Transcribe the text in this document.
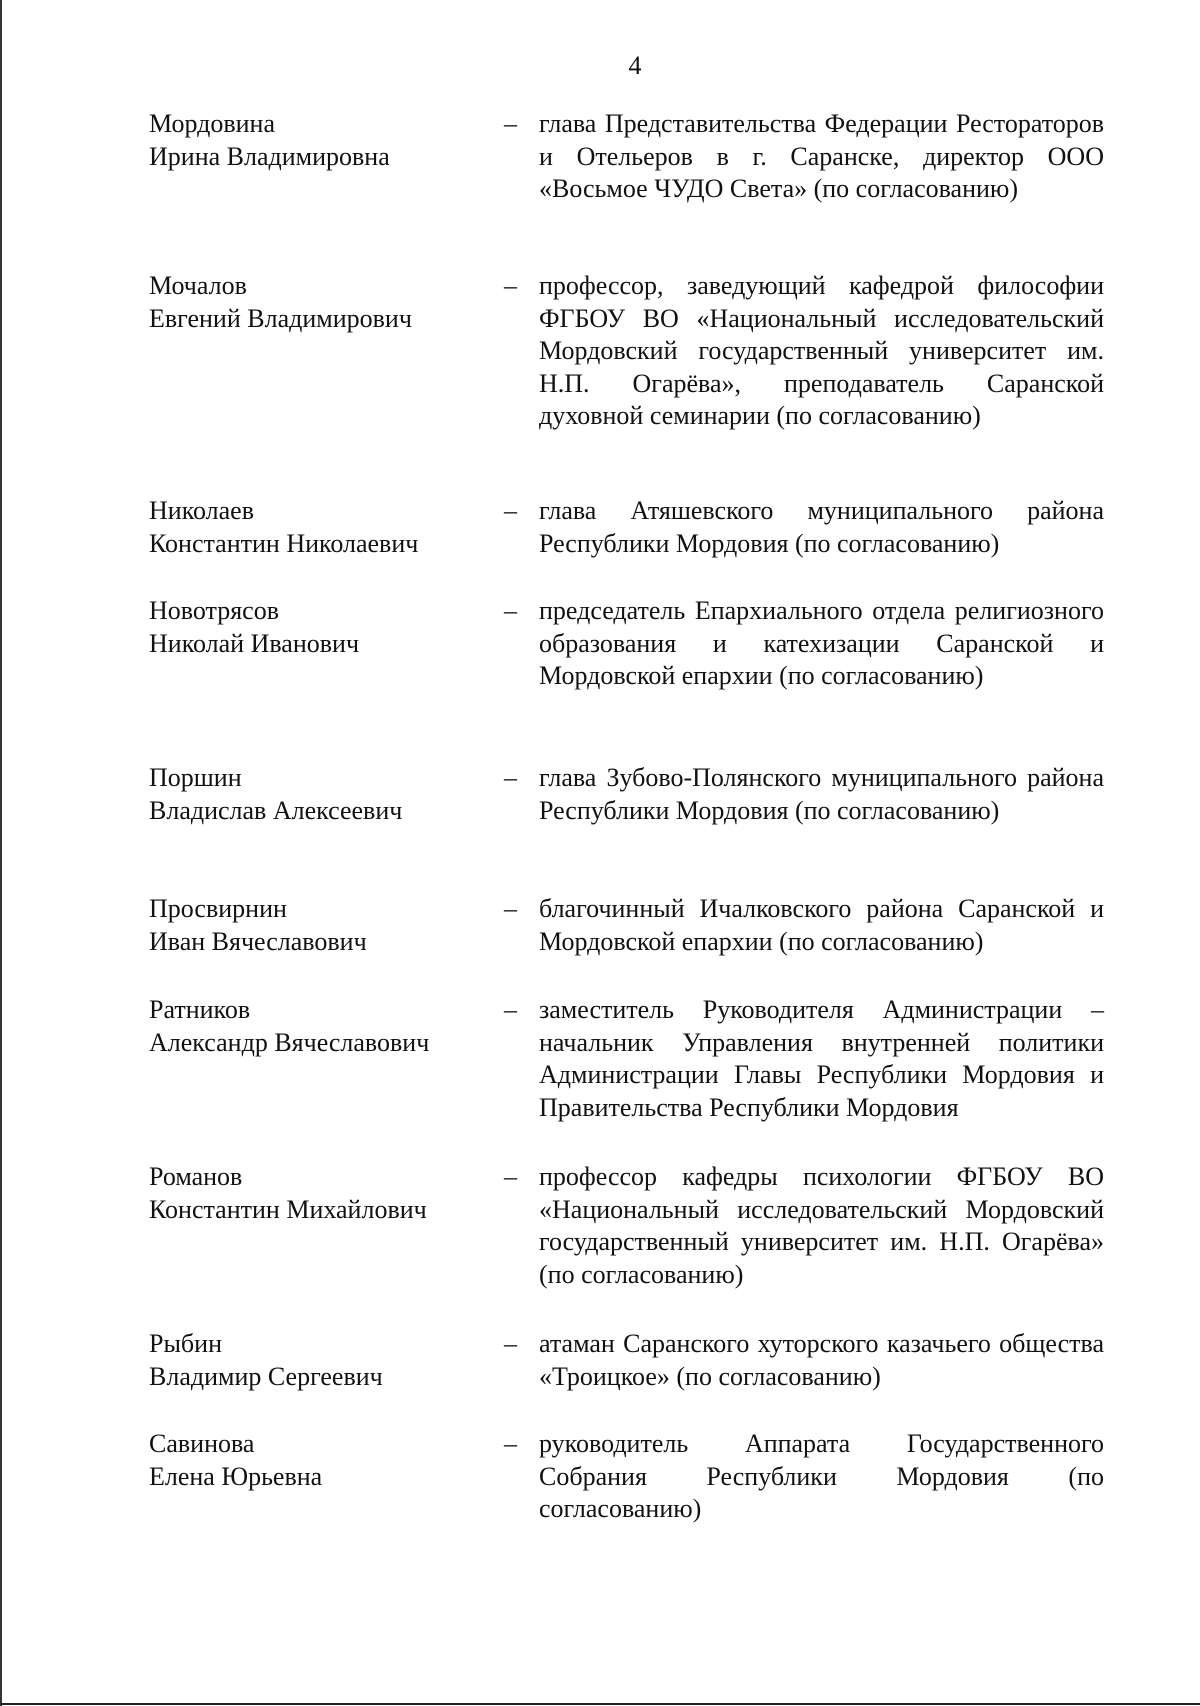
4
Мордовина
Ирина Владимировна
– глава Представительства Федерации Рестораторов и Отельеров в г. Саранске, директор ООО «Восьмое ЧУДО Света» (по согласованию)
Мочалов
Евгений Владимирович
– профессор, заведующий кафедрой философии ФГБОУ ВО «Национальный исследовательский Мордовский государственный университет им. Н.П. Огарёва», преподаватель Саранской духовной семинарии (по согласованию)
Николаев
Константин Николаевич
– глава Атяшевского муниципального района Республики Мордовия (по согласованию)
Новотрясов
Николай Иванович
– председатель Епархиального отдела религиозного образования и катехизации Саранской и Мордовской епархии (по согласованию)
Поршин
Владислав Алексеевич
– глава Зубово-Полянского муниципального района Республики Мордовия (по согласованию)
Просвирнин
Иван Вячеславович
– благочинный Ичалковского района Саранской и Мордовской епархии (по согласованию)
Ратников
Александр Вячеславович
– заместитель Руководителя Администрации – начальник Управления внутренней политики Администрации Главы Республики Мордовия и Правительства Республики Мордовия
Романов
Константин Михайлович
– профессор кафедры психологии ФГБОУ ВО «Национальный исследовательский Мордовский государственный университет им. Н.П. Огарёва» (по согласованию)
Рыбин
Владимир Сергеевич
– атаман Саранского хуторского казачьего общества «Троицкое» (по согласованию)
Савинова
Елена Юрьевна
– руководитель Аппарата Государственного Собрания Республики Мордовия (по согласованию)
